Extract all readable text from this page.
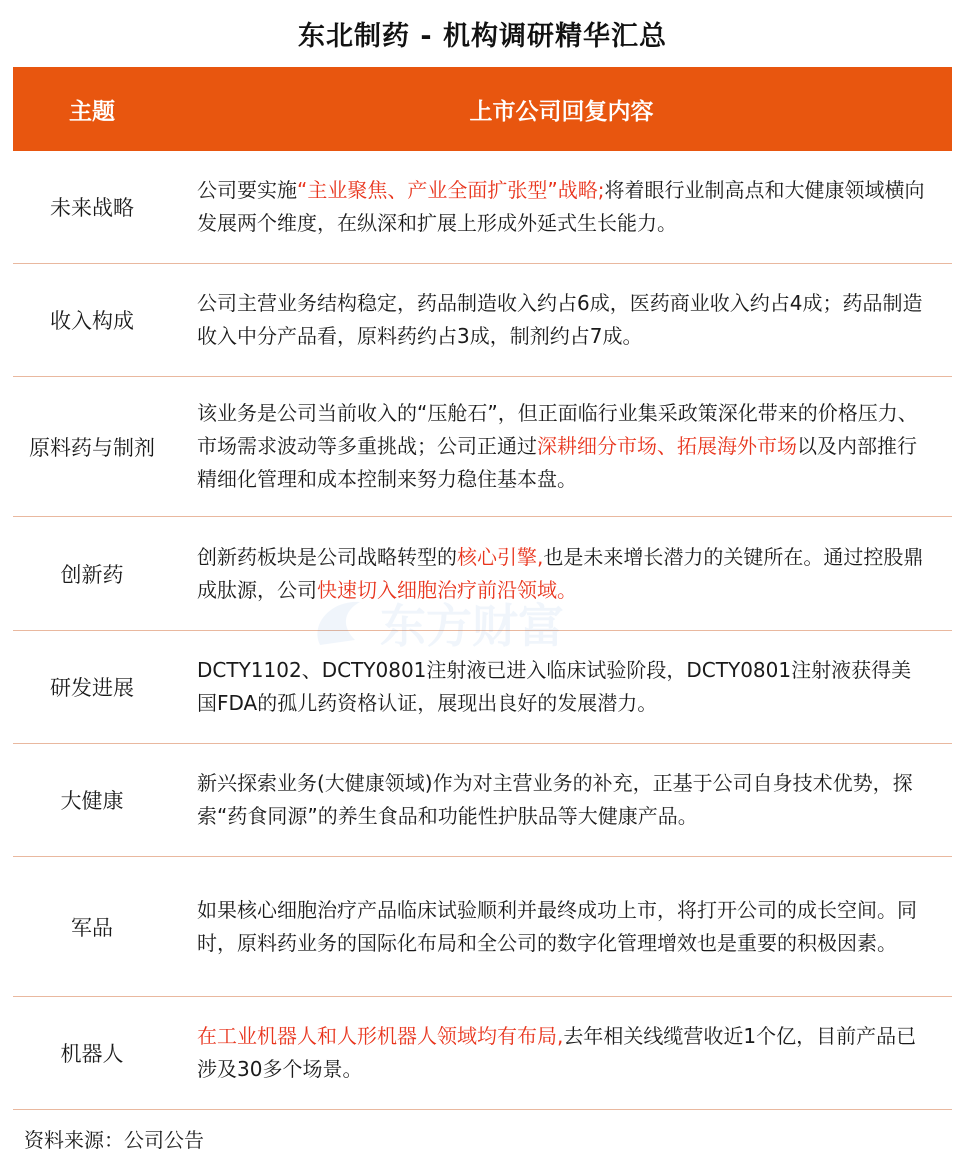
东北制药 - 机构调研精华汇总
主题	上市公司回复内容
未来战略
公司要实施“主业聚焦、产业全面扩张型”战略;将着眼行业制高点和大健康领域横向发展两个维度，在纵深和扩展上形成外延式生长能力。
收入构成
公司主营业务结构稳定，药品制造收入约占6成，医药商业收入约占4成；药品制造收入中分产品看，原料药约占3成，制剂约占7成。
原料药与制剂
该业务是公司当前收入的“压舱石”，但正面临行业集采政策深化带来的价格压力、市场需求波动等多重挑战；公司正通过深耕细分市场、拓展海外市场以及内部推行精细化管理和成本控制来努力稳住基本盘。
创新药
创新药板块是公司战略转型的核心引擎,也是未来增长潜力的关键所在。通过控股鼎成肽源，公司快速切入细胞治疗前沿领域。
研发进展
DCTY1102、DCTY0801注射液已进入临床试验阶段，DCTY0801注射液获得美国FDA的孤儿药资格认证，展现出良好的发展潜力。
大健康
新兴探索业务(大健康领域)作为对主营业务的补充，正基于公司自身技术优势，探索“药食同源”的养生食品和功能性护肤品等大健康产品。
军品
如果核心细胞治疗产品临床试验顺利并最终成功上市，将打开公司的成长空间。同时，原料药业务的国际化布局和全公司的数字化管理增效也是重要的积极因素。
机器人
在工业机器人和人形机器人领域均有布局,去年相关线缆营收近1个亿，目前产品已涉及30多个场景。
东方财富
资料来源：公司公告
